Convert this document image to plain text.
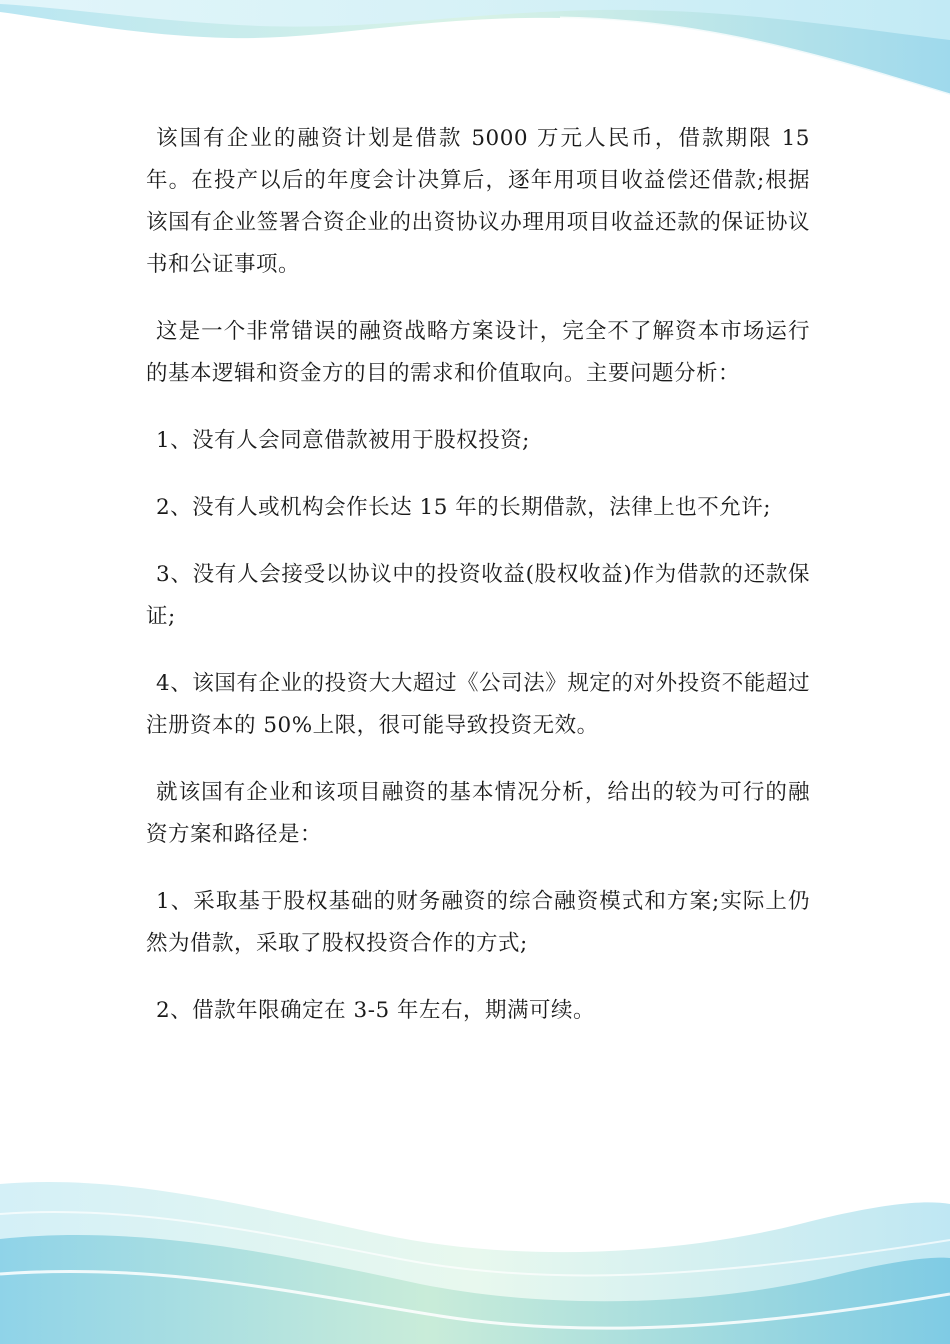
该国有企业的融资计划是借款 5000 万元人民币，借款期限 15 年。在投产以后的年度会计决算后，逐年用项目收益偿还借款;根据该国有企业签署合资企业的出资协议办理用项目收益还款的保证协议书和公证事项。

这是一个非常错误的融资战略方案设计，完全不了解资本市场运行的基本逻辑和资金方的目的需求和价值取向。主要问题分析：

1、没有人会同意借款被用于股权投资;

2、没有人或机构会作长达 15 年的长期借款，法律上也不允许;

3、没有人会接受以协议中的投资收益(股权收益)作为借款的还款保证;

4、该国有企业的投资大大超过《公司法》规定的对外投资不能超过注册资本的 50%上限，很可能导致投资无效。

就该国有企业和该项目融资的基本情况分析，给出的较为可行的融资方案和路径是：

1、采取基于股权基础的财务融资的综合融资模式和方案;实际上仍然为借款，采取了股权投资合作的方式;

2、借款年限确定在 3-5 年左右，期满可续。
